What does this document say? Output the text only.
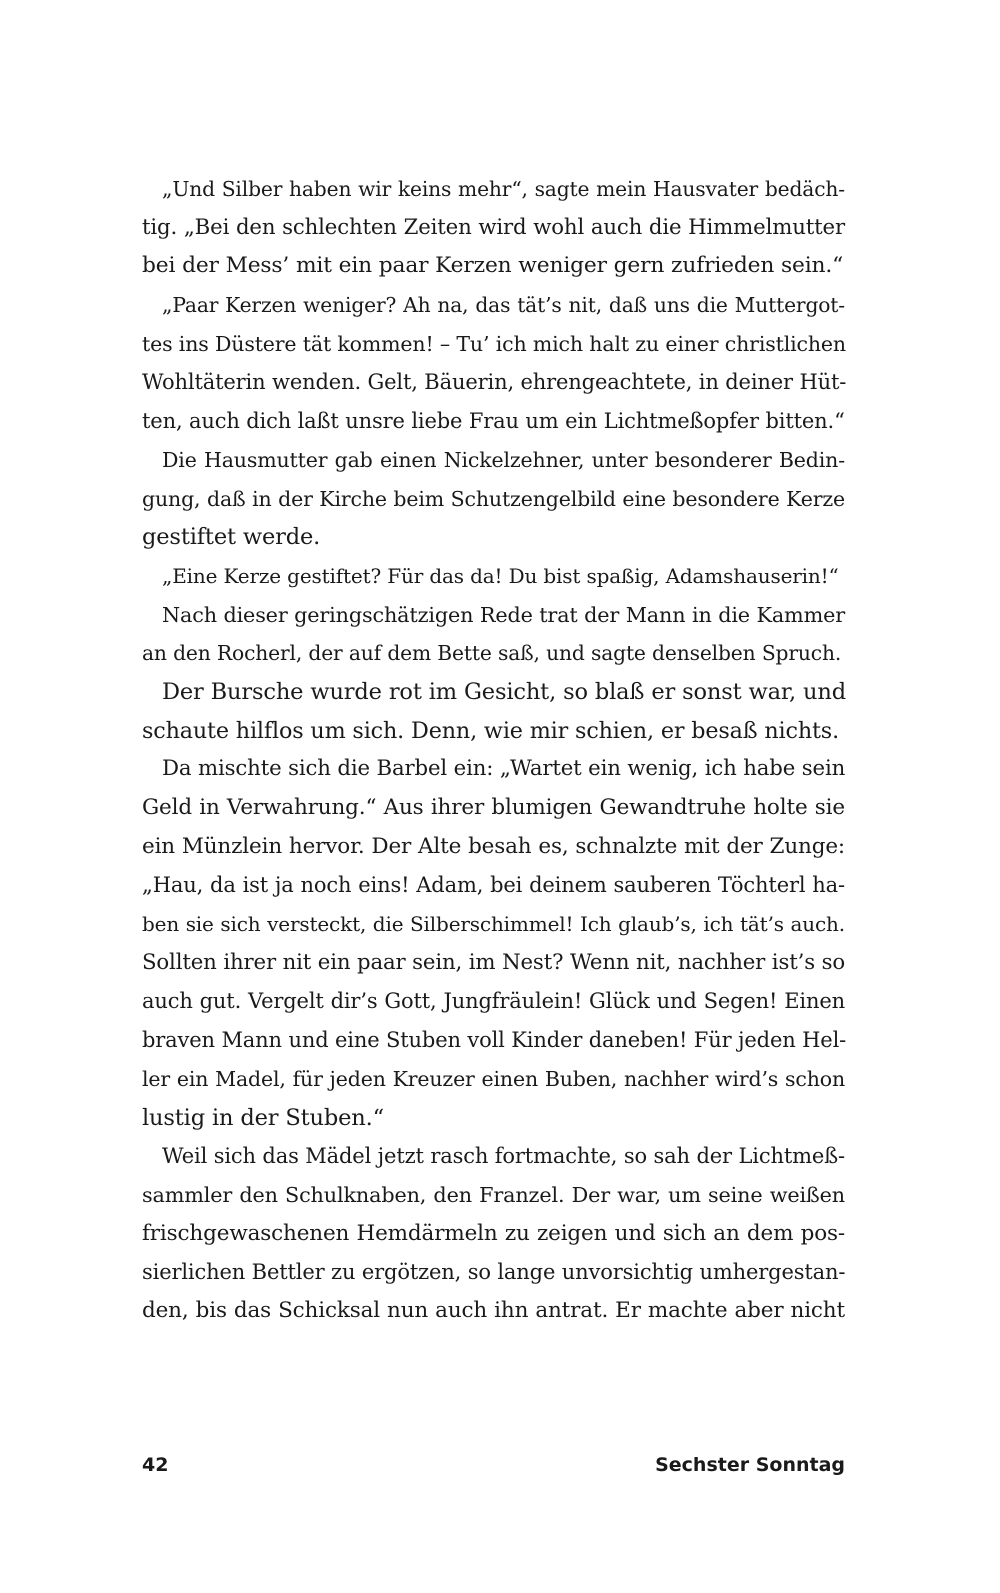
„Und Silber haben wir keins mehr“, sagte mein Hausvater bedäch-
tig. „Bei den schlechten Zeiten wird wohl auch die Himmelmutter
bei der Mess’ mit ein paar Kerzen weniger gern zufrieden sein.“
„Paar Kerzen weniger? Ah na, das tät’s nit, daß uns die Muttergot-
tes ins Düstere tät kommen! – Tu’ ich mich halt zu einer christlichen
Wohltäterin wenden. Gelt, Bäuerin, ehrengeachtete, in deiner Hüt-
ten, auch dich laßt unsre liebe Frau um ein Lichtmeßopfer bitten.“
Die Hausmutter gab einen Nickelzehner, unter besonderer Bedin-
gung, daß in der Kirche beim Schutzengelbild eine besondere Kerze
gestiftet werde.
„Eine Kerze gestiftet? Für das da! Du bist spaßig, Adamshauserin!“
Nach dieser geringschätzigen Rede trat der Mann in die Kammer
an den Rocherl, der auf dem Bette saß, und sagte denselben Spruch.
Der Bursche wurde rot im Gesicht, so blaß er sonst war, und
schaute hilflos um sich. Denn, wie mir schien, er besaß nichts.
Da mischte sich die Barbel ein: „Wartet ein wenig, ich habe sein
Geld in Verwahrung.“ Aus ihrer blumigen Gewandtruhe holte sie
ein Münzlein hervor. Der Alte besah es, schnalzte mit der Zunge:
„Hau, da ist ja noch eins! Adam, bei deinem sauberen Töchterl ha-
ben sie sich versteckt, die Silberschimmel! Ich glaub’s, ich tät’s auch.
Sollten ihrer nit ein paar sein, im Nest? Wenn nit, nachher ist’s so
auch gut. Vergelt dir’s Gott, Jungfräulein! Glück und Segen! Einen
braven Mann und eine Stuben voll Kinder daneben! Für jeden Hel-
ler ein Madel, für jeden Kreuzer einen Buben, nachher wird’s schon
lustig in der Stuben.“
Weil sich das Mädel jetzt rasch fortmachte, so sah der Lichtmeß-
sammler den Schulknaben, den Franzel. Der war, um seine weißen
frischgewaschenen Hemdärmeln zu zeigen und sich an dem pos-
sierlichen Bettler zu ergötzen, so lange unvorsichtig umhergestan-
den, bis das Schicksal nun auch ihn antrat. Er machte aber nicht
42	Sechster Sonntag
